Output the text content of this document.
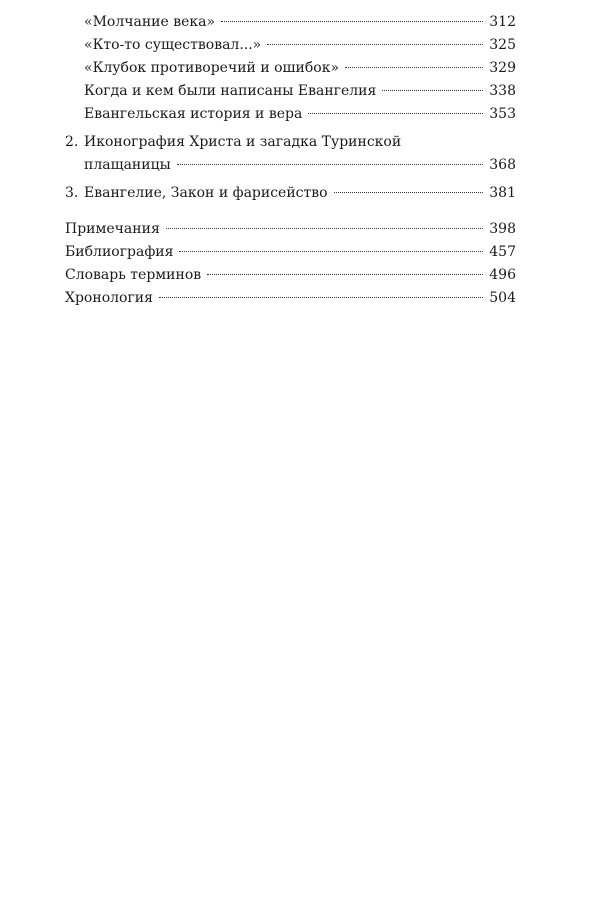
«Молчание века»	312
«Кто-то существовал...»	325
«Клубок противоречий и ошибок»	329
Когда и кем были написаны Евангелия	338
Евангельская история и вера	353
2. Иконография Христа и загадка Туринской
плащаницы	368
3. Евангелие, Закон и фарисейство	381
Примечания	398
Библиография	457
Словарь терминов	496
Хронология	504
